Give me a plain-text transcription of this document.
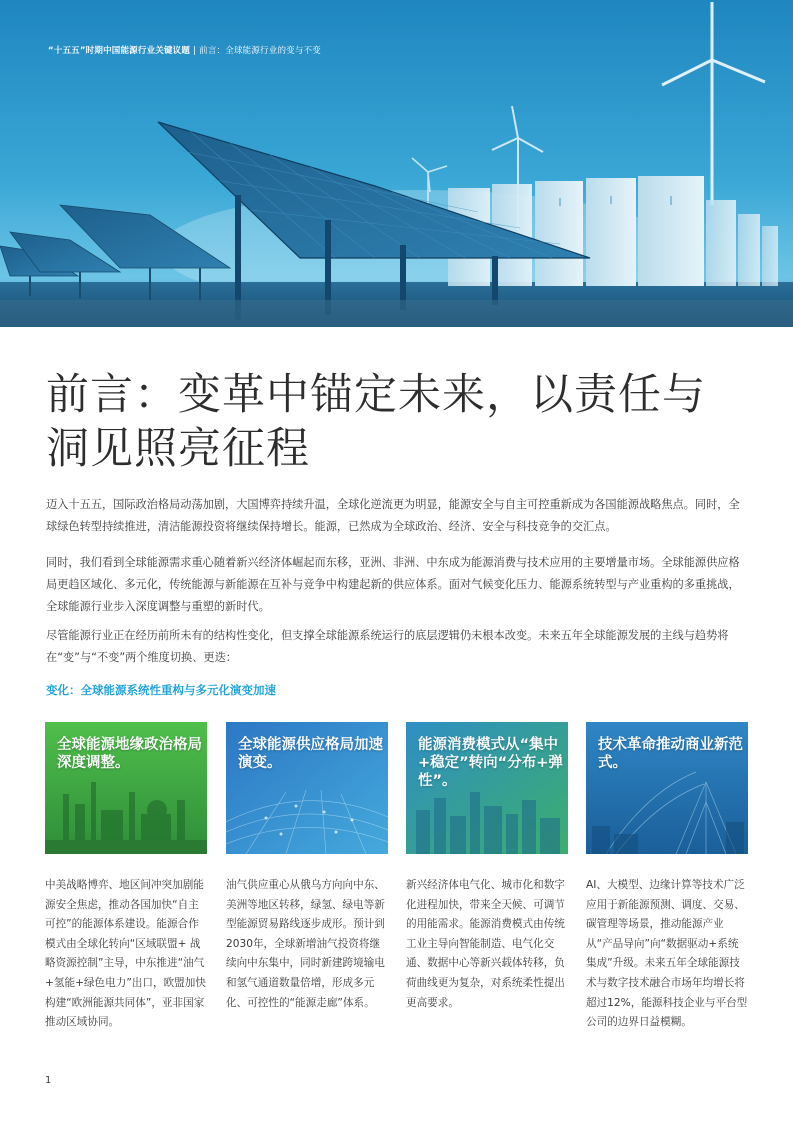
“十五五”时期中国能源行业关键议题 | 前言：全球能源行业的变与不变
前言：变革中锚定未来，以责任与
洞见照亮征程

迈入十五五，国际政治格局动荡加剧，大国博弈持续升温，全球化逆流更为明显，能源安全与自主可控重新成为各国能源战略焦点。同时，全球绿色转型持续推进，清洁能源投资将继续保持增长。能源，已然成为全球政治、经济、安全与科技竞争的交汇点。

同时，我们看到全球能源需求重心随着新兴经济体崛起而东移，亚洲、非洲、中东成为能源消费与技术应用的主要增量市场。全球能源供应格局更趋区域化、多元化，传统能源与新能源在互补与竞争中构建起新的供应体系。面对气候变化压力、能源系统转型与产业重构的多重挑战，全球能源行业步入深度调整与重塑的新时代。

尽管能源行业正在经历前所未有的结构性变化，但支撑全球能源系统运行的底层逻辑仍未根本改变。未来五年全球能源发展的主线与趋势将在“变”与“不变”两个维度切换、更迭：

变化：全球能源系统性重构与多元化演变加速
全球能源地缘政治格局深度调整。

中美战略博弈、地区间冲突加剧能源安全焦虑，推动各国加快“自主可控”的能源体系建设。能源合作模式由全球化转向“区域联盟+ 战略资源控制”主导，中东推进“油气+氢能+绿色电力”出口，欧盟加快构建“欧洲能源共同体”，亚非国家推动区域协同。

全球能源供应格局加速演变。

油气供应重心从俄乌方向向中东、美洲等地区转移，绿氢、绿电等新型能源贸易路线逐步成形。预计到2030年，全球新增油气投资将继续向中东集中，同时新建跨境输电和氢气通道数量倍增，形成多元化、可控性的“能源走廊”体系。

能源消费模式从“集中+稳定”转向“分布+弹性”。

新兴经济体电气化、城市化和数字化进程加快，带来全天候、可调节的用能需求。能源消费模式由传统工业主导向智能制造、电气化交通、数据中心等新兴载体转移，负荷曲线更为复杂，对系统柔性提出更高要求。

技术革命推动商业新范式。

AI、大模型、边缘计算等技术广泛应用于新能源预测、调度、交易、碳管理等场景，推动能源产业从“产品导向”向“数据驱动+系统集成”升级。未来五年全球能源技术与数字技术融合市场年均增长将超过12%，能源科技企业与平台型公司的边界日益模糊。

1
